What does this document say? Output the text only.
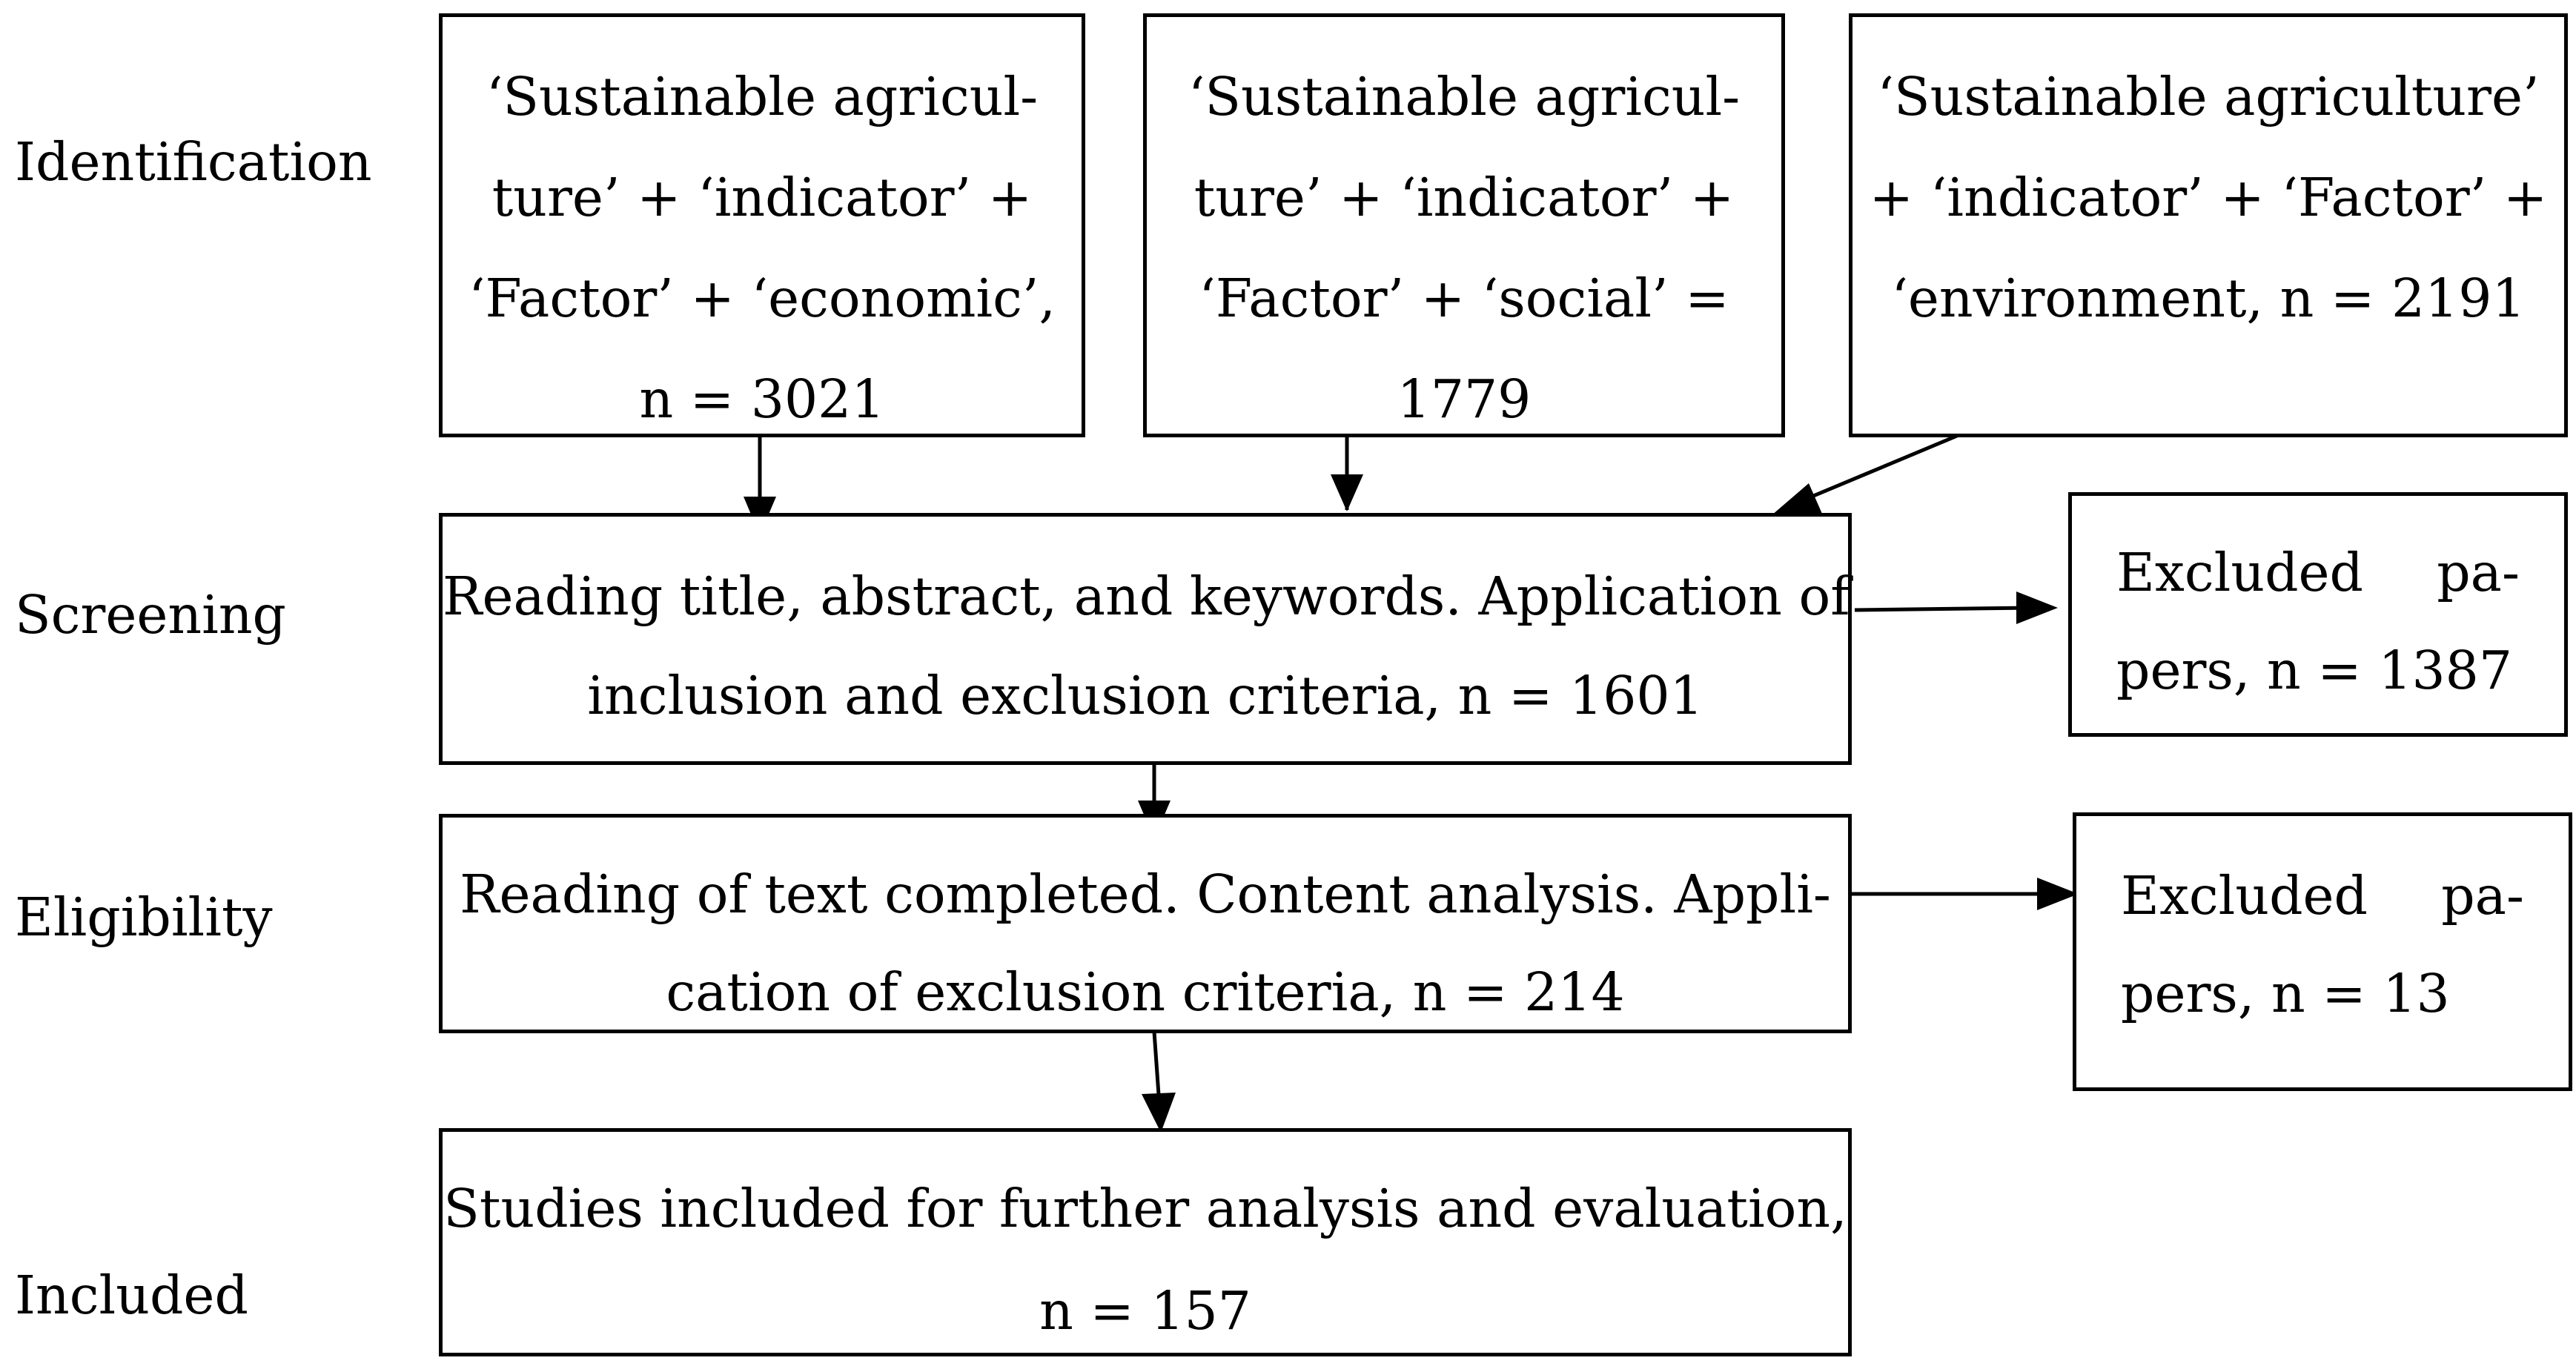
Identification
Screening
Eligibility
Included
‘Sustainable agricul-
ture’ + ‘indicator’ +
‘Factor’ + ‘economic’,
n = 3021
‘Sustainable agricul-
ture’ + ‘indicator’ +
‘Factor’ + ‘social’ =
1779
‘Sustainable agriculture’
+ ‘indicator’ + ‘Factor’ +
‘environment, n = 2191
Reading title, abstract, and keywords. Application of
inclusion and exclusion criteria, n = 1601
Excluded pa-
pers, n = 1387
Reading of text completed. Content analysis. Appli-
cation of exclusion criteria, n = 214
Excluded pa-
pers, n = 13
Studies included for further analysis and evaluation,
n = 157
